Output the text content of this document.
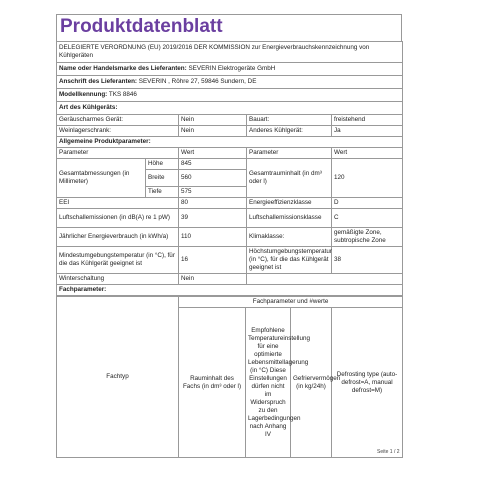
Produktdatenblatt
DELEGIERTE VERORDNUNG (EU) 2019/2016 DER KOMMISSION zur Energieverbrauchskennzeichnung von Kühlgeräten				
Name oder Handelsmarke des Lieferanten: SEVERIN Elektrogeräte GmbH				
Anschrift des Lieferanten: SEVERIN , Röhre 27, 59846 Sundern, DE				
Modellkennung: TKS 8846				
Art des Kühlgeräts:				
Geräuscharmes Gerät:		Nein	Bauart:	freistehend
Weinlagerschrank:		Nein	Anderes Kühlgerät:	Ja
Allgemeine Produktparameter:				
Parameter		Wert	Parameter	Wert
Gesamtabmessungen (in Millimeter)	Höhe	845	Gesamtrauminhalt (in dm³ oder l)	120
	Breite	560		
	Tiefe	575		
EEI		80	Energieeffizienzklasse	D
Luftschallemissionen (in dB(A) re 1 pW)		39	Luftschallemissionsklasse	C
Jährlicher Energieverbrauch (in kWh/a)		110	Klimaklasse:	gemäßigte Zone, subtropische Zone
Mindestumgebungstemperatur (in °C), für die das Kühlgerät geeignet ist		16	Höchstumgebungstemperatur (in °C), für die das Kühlgerät geeignet ist	38
Winterschaltung		Nein		
Fachparameter:				
Fachtyp	Fachparameter und #werte			
	Rauminhalt des Fachs (in dm³ oder l)	Empfohlene Temperatureinstellung für eine optimierte Lebensmittellagerung (in °C) Diese Einstellungen dürfen nicht im Widerspruch zu den Lagerbedingungen nach Anhang IV	Gefriervermögen (in kg/24h)	Defrosting type (auto-defrost=A, manual defrost=M)
Seite 1 / 2
